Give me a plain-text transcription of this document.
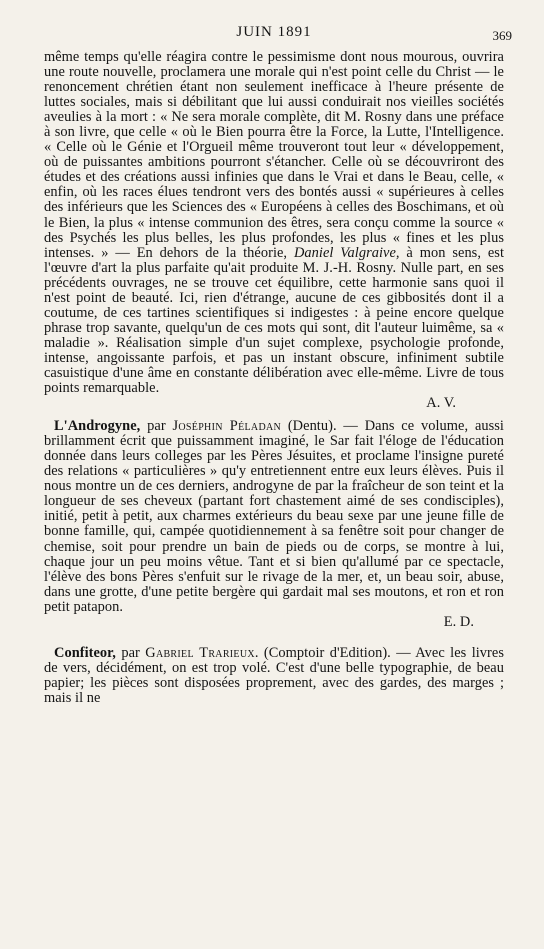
JUIN 1891	369

même temps qu'elle réagira contre le pessimisme dont nous mourous, ouvrira une route nouvelle, proclamera une morale qui n'est point celle du Christ — le renoncement chrétien étant non seulement inefficace à l'heure présente de luttes sociales, mais si débilitant que lui aussi conduirait nos vieilles sociétés aveulies à la mort : « Ne sera morale complète, dit M. Rosny dans une préface à son livre, que celle « où le Bien pourra être la Force, la Lutte, l'Intelligence. « Celle où le Génie et l'Orgueil même trouveront tout leur « développement, où de puissantes ambitions pourront s'étancher. Celle où se découvriront des études et des créations aussi infinies que dans le Vrai et dans le Beau, celle, « enfin, où les races élues tendront vers des bontés aussi « supérieures à celles des inférieurs que les Sciences des « Européens à celles des Boschimans, et où le Bien, la plus « intense communion des êtres, sera conçu comme la source « des Psychés les plus belles, les plus profondes, les plus « fines et les plus intenses. » — En dehors de la théorie, Daniel Valgraive, à mon sens, est l'œuvre d'art la plus parfaite qu'ait produite M. J.-H. Rosny. Nulle part, en ses précédents ouvrages, ne se trouve cet équilibre, cette harmonie sans quoi il n'est point de beauté. Ici, rien d'étrange, aucune de ces gibbosités dont il a coutume, de ces tartines scientifiques si indigestes : à peine encore quelque phrase trop savante, quelqu'un de ces mots qui sont, dit l'auteur luimême, sa « maladie ». Réalisation simple d'un sujet complexe, psychologie profonde, intense, angoissante parfois, et pas un instant obscure, infiniment subtile casuistique d'une âme en constante délibération avec elle-même. Livre de tous points remarquable.

A. V.

L'Androgyne, par Joséphin Péladan (Dentu). — Dans ce volume, aussi brillamment écrit que puissamment imaginé, le Sar fait l'éloge de l'éducation donnée dans leurs colleges par les Pères Jésuites, et proclame l'insigne pureté des relations « particulières » qu'y entretiennent entre eux leurs élèves. Puis il nous montre un de ces derniers, androgyne de par la fraîcheur de son teint et la longueur de ses cheveux (partant fort chastement aimé de ses condisciples), initié, petit à petit, aux charmes extérieurs du beau sexe par une jeune fille de bonne famille, qui, campée quotidiennement à sa fenêtre soit pour changer de chemise, soit pour prendre un bain de pieds ou de corps, se montre à lui, chaque jour un peu moins vêtue. Tant et si bien qu'allumé par ce spectacle, l'élève des bons Pères s'enfuit sur le rivage de la mer, et, un beau soir, abuse, dans une grotte, d'une petite bergère qui gardait mal ses moutons, et ron et ron petit patapon.

E. D.

Confiteor, par Gabriel Trarieux. (Comptoir d'Edition). — Avec les livres de vers, décidément, on est trop volé. C'est d'une belle typographie, de beau papier; les pièces sont disposées proprement, avec des gardes, des marges ; mais il ne
